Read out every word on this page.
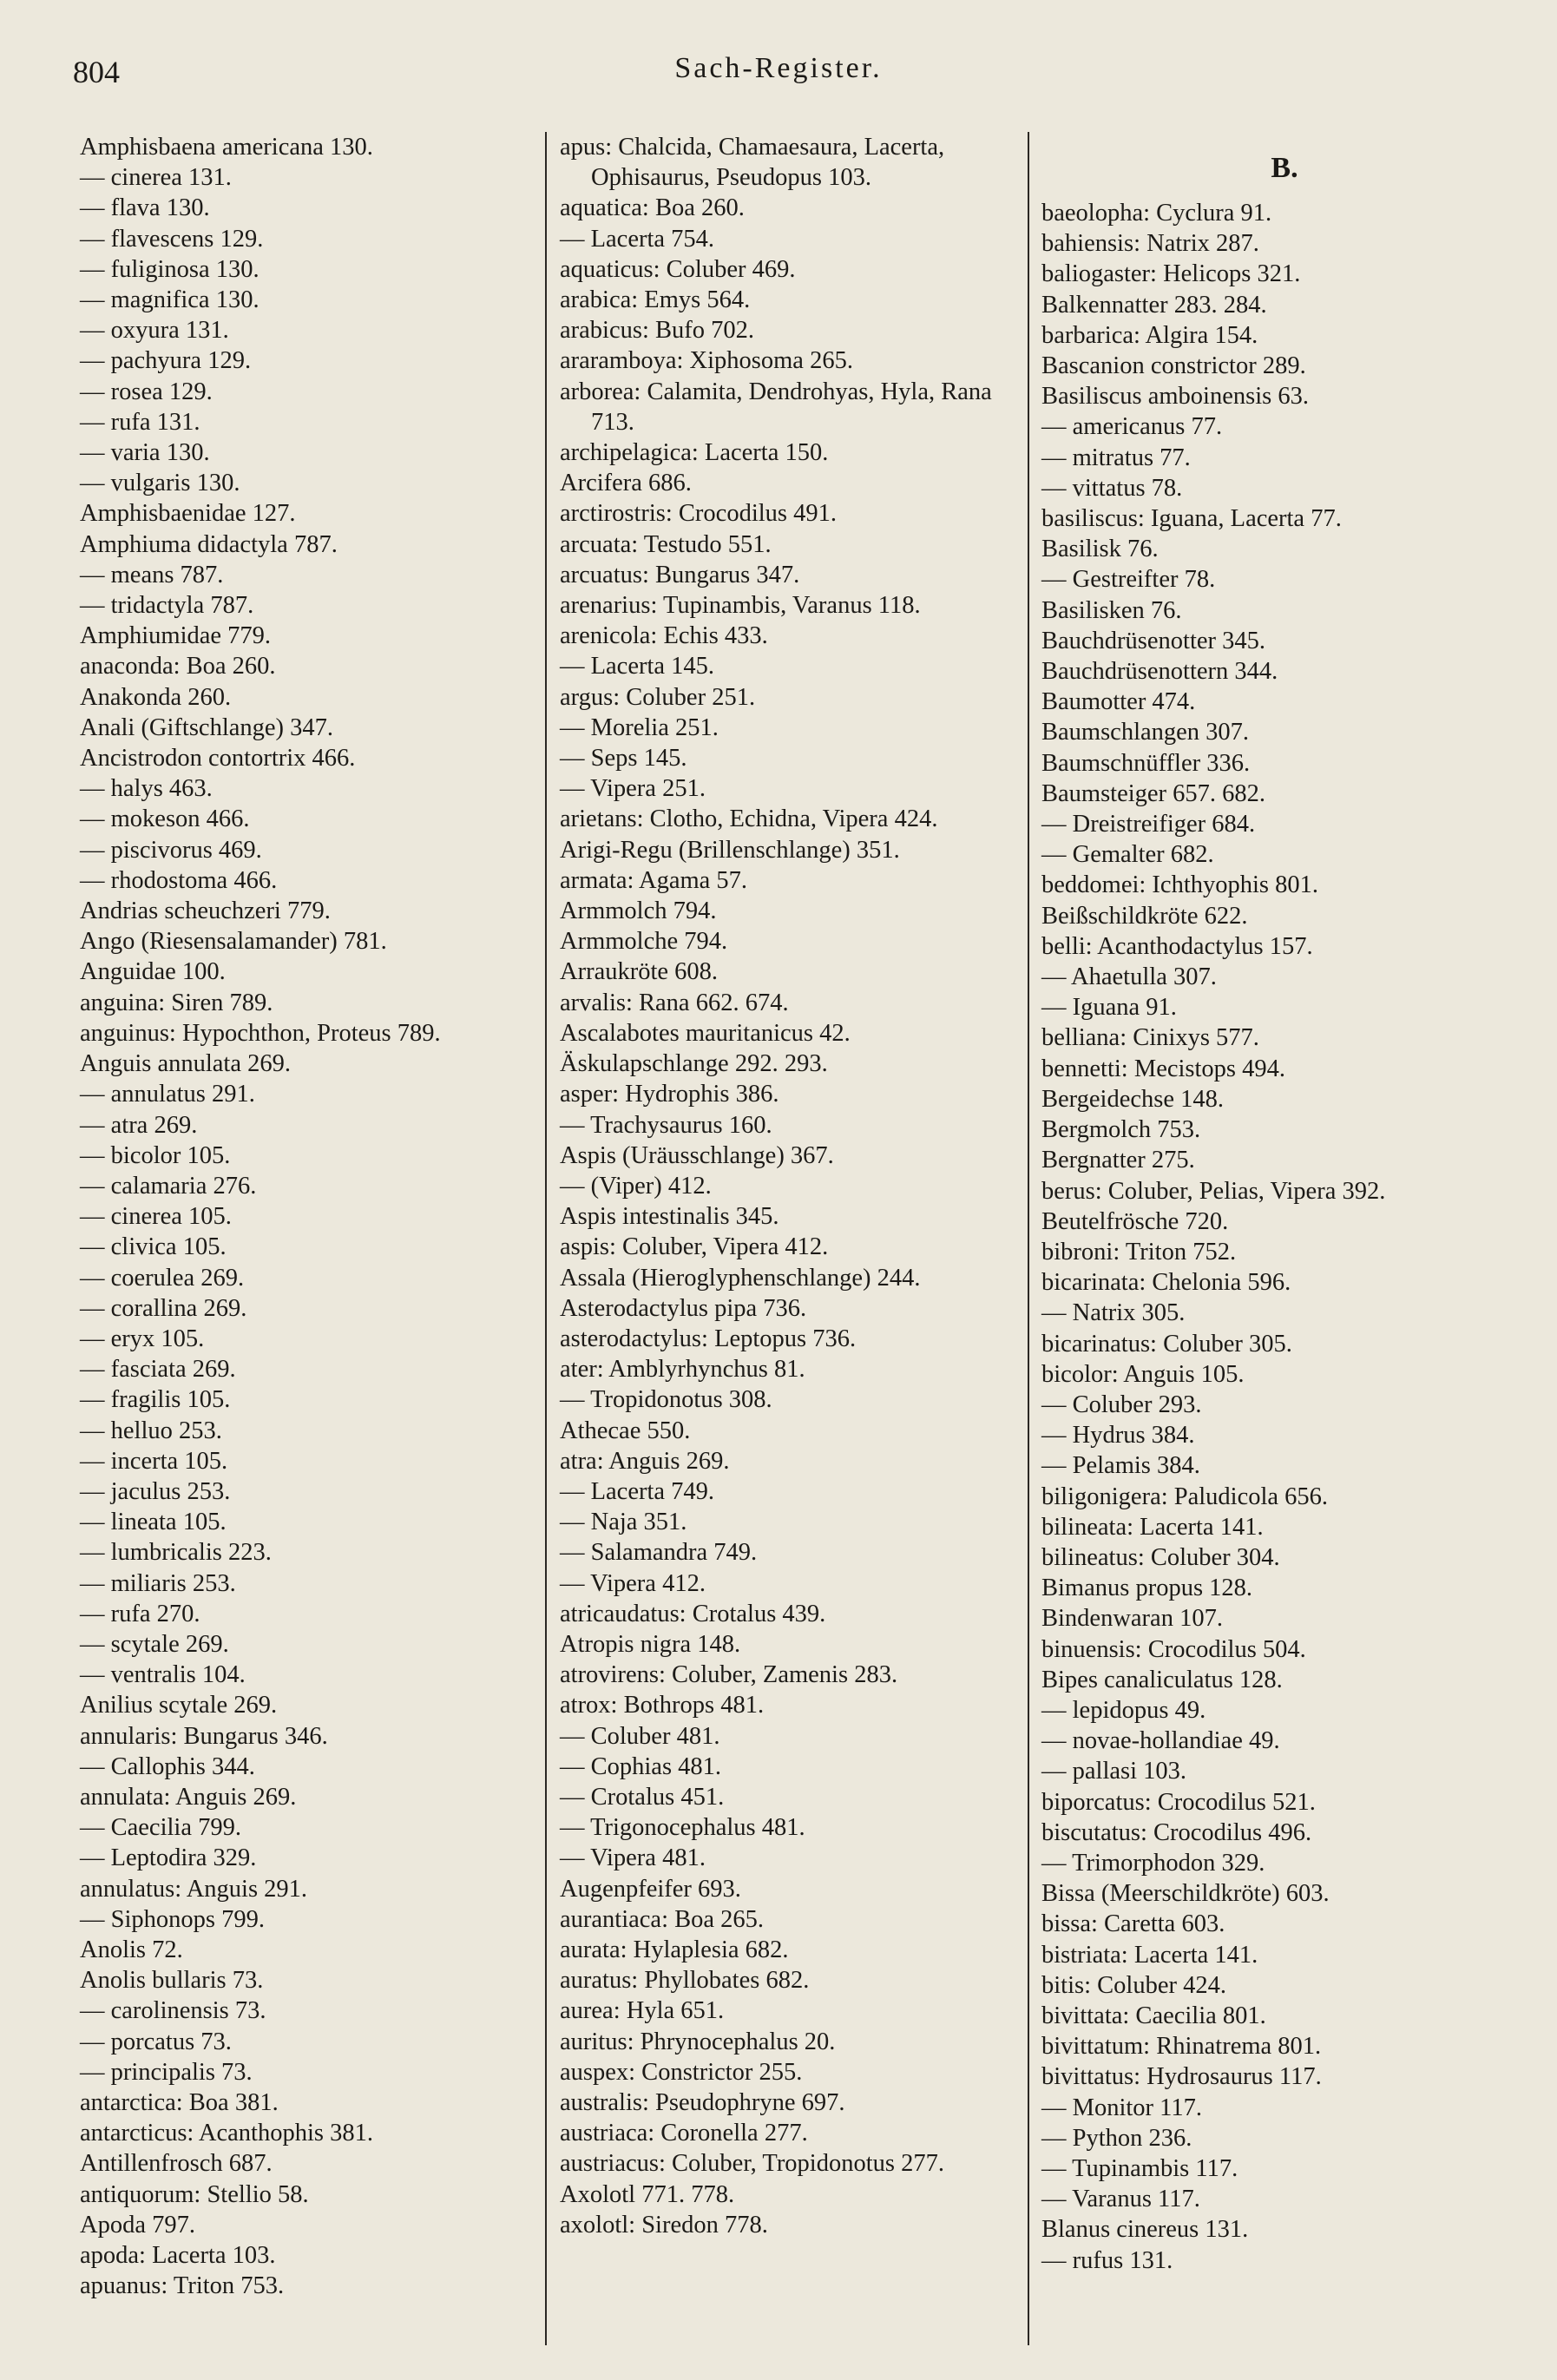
804	Sach-Register.
Amphisbaena americana 130.
— cinerea 131.
— flava 130.
— flavescens 129.
— fuliginosa 130.
— magnifica 130.
— oxyura 131.
— pachyura 129.
— rosea 129.
— rufa 131.
— varia 130.
— vulgaris 130.
Amphisbaenidae 127.
Amphiuma didactyla 787.
— means 787.
— tridactyla 787.
Amphiumidae 779.
anaconda: Boa 260.
Anakonda 260.
Anali (Giftschlange) 347.
Ancistrodon contortrix 466.
— halys 463.
— mokeson 466.
— piscivorus 469.
— rhodostoma 466.
Andrias scheuchzeri 779.
Ango (Riesensalamander) 781.
Anguidae 100.
anguina: Siren 789.
anguinus: Hypochthon, Proteus 789.
Anguis annulata 269.
— annulatus 291.
— atra 269.
— bicolor 105.
— calamaria 276.
— cinerea 105.
— clivica 105.
— coerulea 269.
— corallina 269.
— eryx 105.
— fasciata 269.
— fragilis 105.
— helluo 253.
— incerta 105.
— jaculus 253.
— lineata 105.
— lumbricalis 223.
— miliaris 253.
— rufa 270.
— scytale 269.
— ventralis 104.
Anilius scytale 269.
annularis: Bungarus 346.
— Callophis 344.
annulata: Anguis 269.
— Caecilia 799.
— Leptodira 329.
annulatus: Anguis 291.
— Siphonops 799.
Anolis 72.
Anolis bullaris 73.
— carolinensis 73.
— porcatus 73.
— principalis 73.
antarctica: Boa 381.
antarcticus: Acanthophis 381.
Antillenfrosch 687.
antiquorum: Stellio 58.
Apoda 797.
apoda: Lacerta 103.
apuanus: Triton 753.
apus: Chalcida, Chamaesaura, Lacerta, Ophisaurus, Pseudopus 103.
aquatica: Boa 260.
— Lacerta 754.
aquaticus: Coluber 469.
arabica: Emys 564.
arabicus: Bufo 702.
araramboya: Xiphosoma 265.
arborea: Calamita, Dendrohyas, Hyla, Rana 713.
archipelagica: Lacerta 150.
Arcifera 686.
arctirostris: Crocodilus 491.
arcuata: Testudo 551.
arcuatus: Bungarus 347.
arenarius: Tupinambis, Varanus 118.
arenicola: Echis 433.
— Lacerta 145.
argus: Coluber 251.
— Morelia 251.
— Seps 145.
— Vipera 251.
arietans: Clotho, Echidna, Vipera 424.
Arigi-Regu (Brillenschlange) 351.
armata: Agama 57.
Armmolch 794.
Armmolche 794.
Arraukröte 608.
arvalis: Rana 662. 674.
Ascalabotes mauritanicus 42.
Äskulapschlange 292. 293.
asper: Hydrophis 386.
— Trachysaurus 160.
Aspis (Uräusschlange) 367.
— (Viper) 412.
Aspis intestinalis 345.
aspis: Coluber, Vipera 412.
Assala (Hieroglyphenschlange) 244.
Asterodactylus pipa 736.
asterodactylus: Leptopus 736.
ater: Amblyrhynchus 81.
— Tropidonotus 308.
Athecae 550.
atra: Anguis 269.
— Lacerta 749.
— Naja 351.
— Salamandra 749.
— Vipera 412.
atricaudatus: Crotalus 439.
Atropis nigra 148.
atrovirens: Coluber, Zamenis 283.
atrox: Bothrops 481.
— Coluber 481.
— Cophias 481.
— Crotalus 451.
— Trigonocephalus 481.
— Vipera 481.
Augenpfeifer 693.
aurantiaca: Boa 265.
aurata: Hylaplesia 682.
auratus: Phyllobates 682.
aurea: Hyla 651.
auritus: Phrynocephalus 20.
auspex: Constrictor 255.
australis: Pseudophryne 697.
austriaca: Coronella 277.
austriacus: Coluber, Tropidonotus 277.
Axolotl 771. 778.
axolotl: Siredon 778.
B.
baeolopha: Cyclura 91.
bahiensis: Natrix 287.
baliogaster: Helicops 321.
Balkennatter 283. 284.
barbarica: Algira 154.
Bascanion constrictor 289.
Basiliscus amboinensis 63.
— americanus 77.
— mitratus 77.
— vittatus 78.
basiliscus: Iguana, Lacerta 77.
Basilisk 76.
— Gestreifter 78.
Basilisken 76.
Bauchdrüsenotter 345.
Bauchdrüsenottern 344.
Baumotter 474.
Baumschlangen 307.
Baumschnüffler 336.
Baumsteiger 657. 682.
— Dreistreifiger 684.
— Gemalter 682.
beddomei: Ichthyophis 801.
Beißschildkröte 622.
belli: Acanthodactylus 157.
— Ahaetulla 307.
— Iguana 91.
belliana: Cinixys 577.
bennetti: Mecistops 494.
Bergeidechse 148.
Bergmolch 753.
Bergnatter 275.
berus: Coluber, Pelias, Vipera 392.
Beutelfrösche 720.
bibroni: Triton 752.
bicarinata: Chelonia 596.
— Natrix 305.
bicarinatus: Coluber 305.
bicolor: Anguis 105.
— Coluber 293.
— Hydrus 384.
— Pelamis 384.
biligonigera: Paludicola 656.
bilineata: Lacerta 141.
bilineatus: Coluber 304.
Bimanus propus 128.
Bindenwaran 107.
binuensis: Crocodilus 504.
Bipes canaliculatus 128.
— lepidopus 49.
— novae-hollandiae 49.
— pallasi 103.
biporcatus: Crocodilus 521.
biscutatus: Crocodilus 496.
— Trimorphodon 329.
Bissa (Meerschildkröte) 603.
bissa: Caretta 603.
bistriata: Lacerta 141.
bitis: Coluber 424.
bivittata: Caecilia 801.
bivittatum: Rhinatrema 801.
bivittatus: Hydrosaurus 117.
— Monitor 117.
— Python 236.
— Tupinambis 117.
— Varanus 117.
Blanus cinereus 131.
— rufus 131.
